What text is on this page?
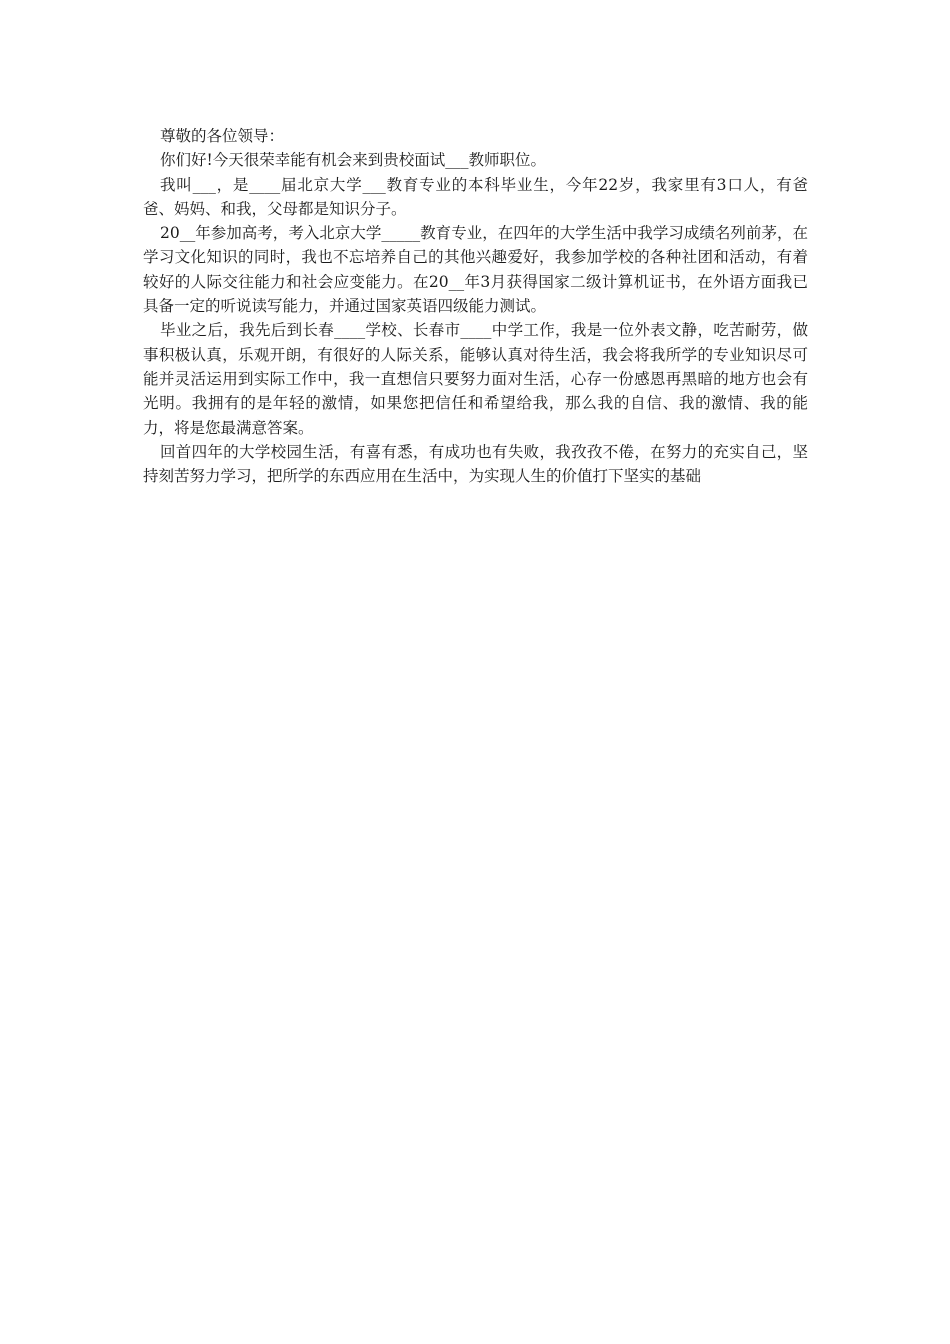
尊敬的各位领导：

你们好!今天很荣幸能有机会来到贵校面试___教师职位。

我叫___，是____届北京大学___教育专业的本科毕业生，今年22岁，我家里有3口人，有爸爸、妈妈、和我，父母都是知识分子。

20__年参加高考，考入北京大学_____教育专业，在四年的大学生活中我学习成绩名列前茅，在学习文化知识的同时，我也不忘培养自己的其他兴趣爱好，我参加学校的各种社团和活动，有着较好的人际交往能力和社会应变能力。在20__年3月获得国家二级计算机证书，在外语方面我已具备一定的听说读写能力，并通过国家英语四级能力测试。

毕业之后，我先后到长春____学校、长春市____中学工作，我是一位外表文静，吃苦耐劳，做事积极认真，乐观开朗，有很好的人际关系，能够认真对待生活，我会将我所学的专业知识尽可能并灵活运用到实际工作中，我一直想信只要努力面对生活，心存一份感恩再黑暗的地方也会有光明。我拥有的是年轻的激情，如果您把信任和希望给我，那么我的自信、我的激情、我的能力，将是您最满意答案。

回首四年的大学校园生活，有喜有悉，有成功也有失败，我孜孜不倦，在努力的充实自己，坚持刻苦努力学习，把所学的东西应用在生活中，为实现人生的价值打下坚实的基础
